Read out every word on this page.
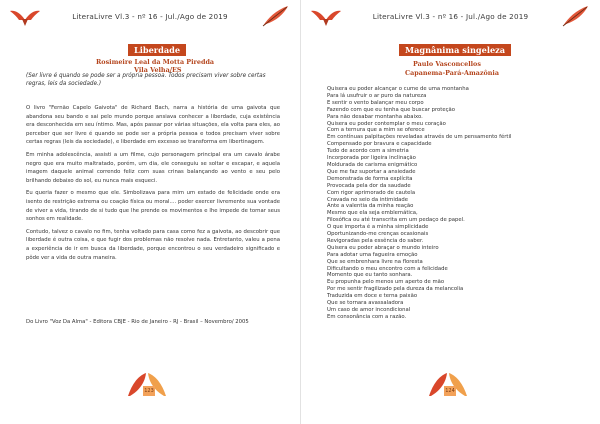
LiteraLivre Vl.3 - nº 16 - Jul./Ago de 2019
Liberdade
Rosimeire Leal da Motta Piredda
Vila Velha/ES
(Ser livre é quando se pode ser a própria pessoa. Todos precisam viver sobre certas regras, leis da sociedade.)

O livro "Fernão Capelo Gaivota" de Richard Bach, narra a história de uma gaivota que abandona seu bando e sai pelo mundo porque ansiava conhecer a liberdade, cuja existência era desconhecida em seu íntimo. Mas, após passar por várias situações, ela volta para eles, ao perceber que ser livre é quando se pode ser a própria pessoa e todos precisam viver sobre certas regras (leis da sociedade), e liberdade em excesso se transforma em libertinagem.

Em minha adolescência, assisti a um filme, cujo personagem principal era um cavalo árabe negro que era muito maltratado, porém, um dia, ele conseguiu se soltar e escapar, e aquela imagem daquele animal correndo feliz com suas crinas balançando ao vento e seu pelo brilhando debaixo do sol, eu nunca mais esqueci.

Eu queria fazer o mesmo que ele. Simbolizava para mim um estado de felicidade onde era isento de restrição extrema ou coação física ou moral.... poder exercer livremente sua vontade de viver a vida, tirando de si tudo que lhe prende os movimentos e lhe impede de tornar seus sonhos em realidade.

Contudo, talvez o cavalo no fim, tenha voltado para casa como fez a gaivota, ao descobrir que liberdade é outra coisa, e que fugir dos problemas não resolve nada. Entretanto, valeu a pena a experiência de ir em busca da liberdade, porque encontrou o seu verdadeiro significado e pôde ver a vida de outra maneira.

Do Livro "Voz Da Alma" - Editora CBJE - Rio de Janeiro - RJ - Brasil – Novembro/ 2005
123
LiteraLivre Vl.3 - nº 16 - Jul./Ago de 2019
Magnânima singeleza
Paulo Vasconcellos
Capanema-Pará-Amazônia
Quisera eu poder alcançar o cume de uma montanha
Para lá usufruir o ar puro da natureza
E sentir o vento balançar meu corpo
Fazendo com que eu tenha que buscar proteção
Para não desabar montanha abaixo.
Quisera eu poder contemplar o meu coração
Com a ternura que a mim se oferece
Em contínuas palpitações reveladas através de um pensamento fértil
Compensado por bravura e capacidade
Tudo de acordo com a simetria
Incorporada por ligeira inclinação
Moldurada de carisma enigmático
Que me faz suportar a ansiedade
Demonstrada de forma explícita
Provocada pela dor da saudade
Com rigor aprimorado de cautela
Cravada no seio da intimidade
Ante a valentia da minha reação
Mesmo que ela seja emblemática,
Filosófica ou até transcrita em um pedaço de papel.
O que importa é a minha simplicidade
Oportunizando-me crenças ocasionais
Revigoradas pela essência do saber.
Quisera eu poder abraçar o mundo inteiro
Para adotar uma fagueira emoção
Que se embrenhara livre na floresta
Dificultando o meu encontro com a felicidade
Momento que eu tanto sonhara.
Eu propunha pelo menos um aperto de mão
Por me sentir fragilizado pela dureza da melancolia
Traduzida em doce e terna paixão
Que se tornara avassaladora
Um caso de amor incondicional
Em consonância com a razão.
124
